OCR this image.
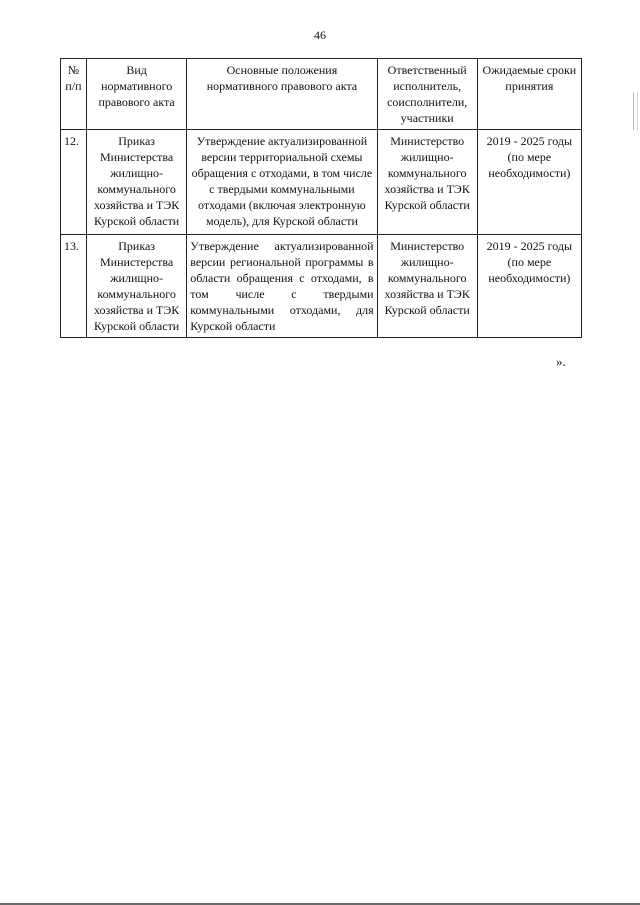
46
№ п/п	Вид нормативного правового акта	Основные положения нормативного правового акта	Ответственный исполнитель, соисполнители, участники	Ожидаемые сроки принятия
12.	Приказ Министерства жилищно-коммунального хозяйства и ТЭК Курской области	Утверждение актуализированной версии территориальной схемы обращения с отходами, в том числе с твердыми коммунальными отходами (включая электронную модель), для Курской области	Министерство жилищно-коммунального хозяйства и ТЭК Курской области	2019 - 2025 годы (по мере необходимости)
13.	Приказ Министерства жилищно-коммунального хозяйства и ТЭК Курской области	Утверждение актуализированной версии региональной программы в области обращения с отходами, в том числе с твердыми коммунальными отходами, для Курской области	Министерство жилищно-коммунального хозяйства и ТЭК Курской области	2019 - 2025 годы (по мере необходимости)
».
